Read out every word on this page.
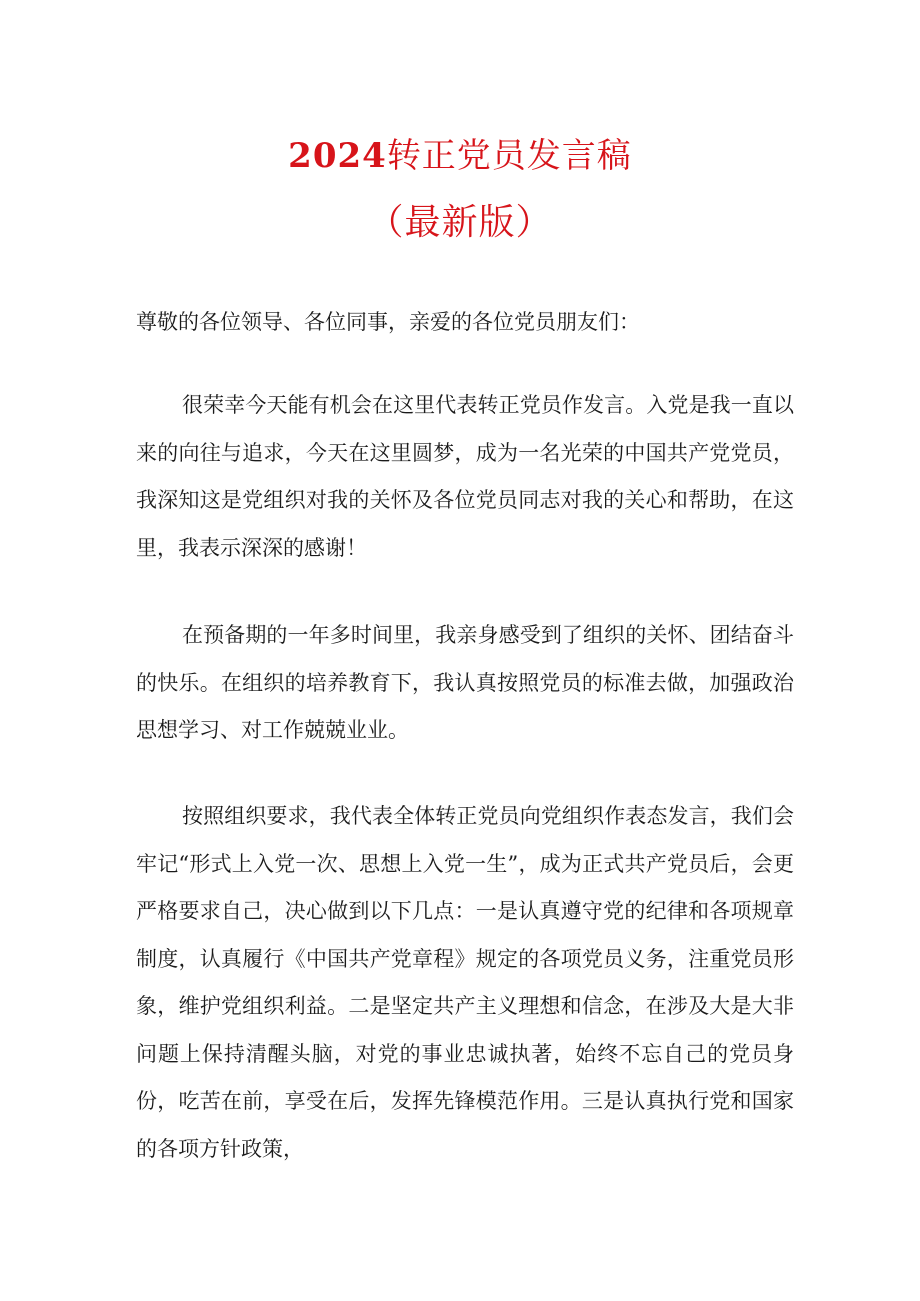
2024转正党员发言稿
（最新版）

尊敬的各位领导、各位同事，亲爱的各位党员朋友们：

很荣幸今天能有机会在这里代表转正党员作发言。入党是我一直以来的向往与追求，今天在这里圆梦，成为一名光荣的中国共产党党员，我深知这是党组织对我的关怀及各位党员同志对我的关心和帮助，在这里，我表示深深的感谢！

在预备期的一年多时间里，我亲身感受到了组织的关怀、团结奋斗的快乐。在组织的培养教育下，我认真按照党员的标准去做，加强政治思想学习、对工作兢兢业业。

按照组织要求，我代表全体转正党员向党组织作表态发言，我们会牢记“形式上入党一次、思想上入党一生”，成为正式共产党员后，会更严格要求自己，决心做到以下几点：一是认真遵守党的纪律和各项规章制度，认真履行《中国共产党章程》规定的各项党员义务，注重党员形象，维护党组织利益。二是坚定共产主义理想和信念，在涉及大是大非问题上保持清醒头脑，对党的事业忠诚执著，始终不忘自己的党员身份，吃苦在前，享受在后，发挥先锋模范作用。三是认真执行党和国家的各项方针政策，
